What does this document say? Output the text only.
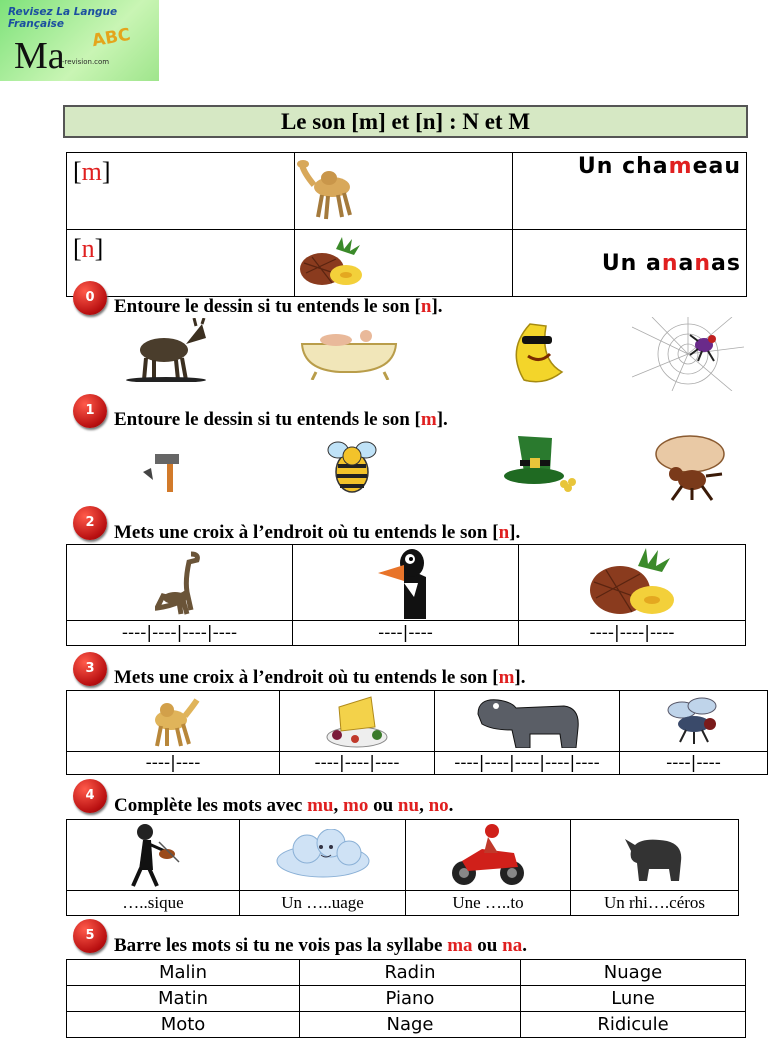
Revisez La Langue Française
Ma ABC
-revision.com
Le son [m] et [n] : N et M
[m]		Un chameau
[n]		Un ananas
0	Entoure le dessin si tu entends le son [n].
1	Entoure le dessin si tu entends le son [m].
2	Mets une croix à l’endroit où tu entends le son [n].

----|----|----|----	----|----	----|----|----
3	Mets une croix à l’endroit où tu entends le son [m].

----|----	----|----|----	----|----|----|----|----	----|----
4	Complète les mots avec mu, mo ou nu, no.

…..sique	Un …..uage	Une …..to	Un rhi….céros
5	Barre les mots si tu ne vois pas la syllabe ma ou na.
Malin	Radin	Nuage
Matin	Piano	Lune
Moto	Nage	Ridicule
